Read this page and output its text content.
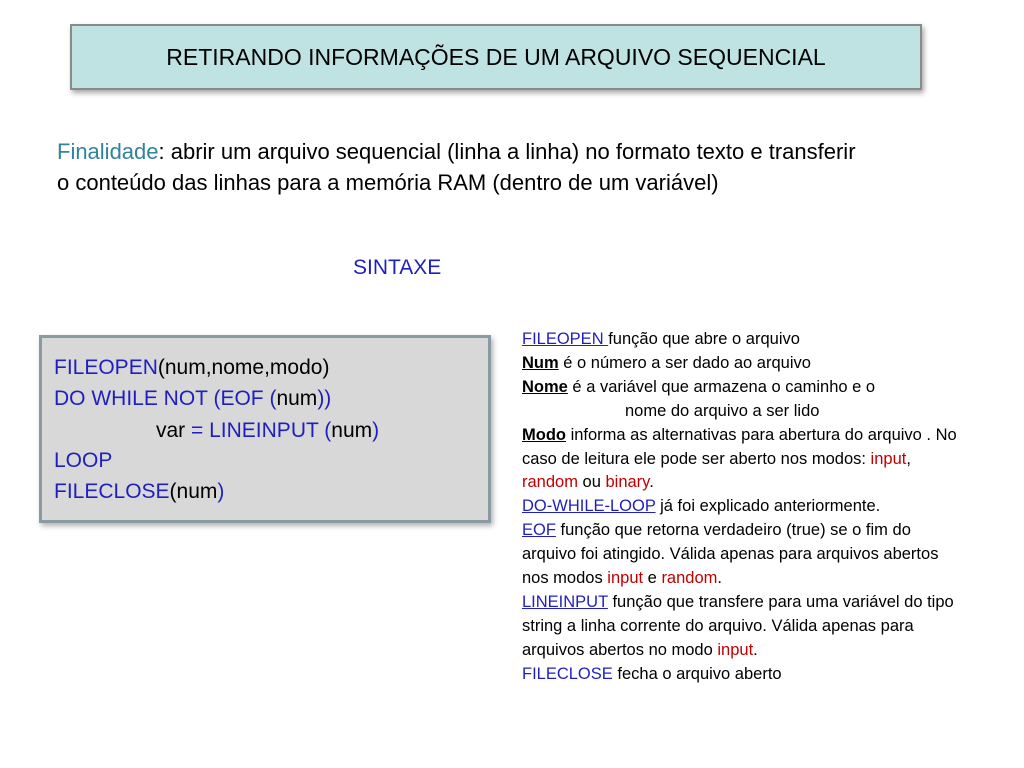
RETIRANDO INFORMAÇÕES DE UM ARQUIVO SEQUENCIAL
Finalidade: abrir um arquivo sequencial (linha a linha) no formato texto e transferir o conteúdo das linhas para a memória RAM (dentro de um variável)
SINTAXE
FILEOPEN(num,nome,modo)
DO WHILE NOT (EOF (num))
var = LINEINPUT (num)
LOOP
FILECLOSE(num)

FILEOPEN função que abre o arquivo

Num é o número a ser dado ao arquivo

Nome é a variável que armazena o caminho e o

nome do arquivo a ser lido

Modo informa as alternativas para abertura do arquivo . No caso de leitura ele pode ser aberto nos modos: input, random ou binary.

DO-WHILE-LOOP já foi explicado anteriormente.

EOF função que retorna verdadeiro (true) se o fim do arquivo foi atingido. Válida apenas para arquivos abertos nos modos input e random.

LINEINPUT função que transfere para uma variável do tipo string a linha corrente do arquivo. Válida apenas para arquivos abertos no modo input.

FILECLOSE fecha o arquivo aberto
